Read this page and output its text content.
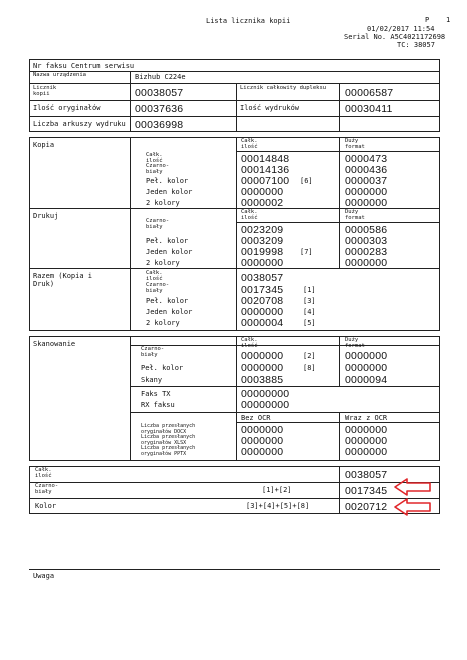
Lista licznika kopii	P 1
01/02/2017 11:54
Serial No. A5C4021172698
TC: 38057
Nr faksu Centrum serwisu
Nazwa urządzenia	Bizhub C224e
Licznik kopii	00038057	Licznik całkowity dupleksu	00006587
Ilość oryginałów	00037636	Ilość wydruków	00030411
Liczba arkuszy wydruku 00036998
Kopia	Całk. ilość
Duży format
Całk. ilość	00014848	0000473
Czarno-biały	00014136	0000436
Peł. kolor	00007100 [6]	0000037
Jeden kolor	0000000	0000000
2 kolory	0000002	0000000
Drukuj	Całk. ilość
Duży format
Czarno-biały	0023209	0000586
Peł. kolor	0003209	0000303
Jeden kolor	0019998 [7]	0000283
2 kolory	0000000	0000000
Razem (Kopia i Druk)
Całk. ilość	0038057
Czarno-biały	0017345	[1]
Peł. kolor	0020708	[3]
Jeden kolor	0000000	[4]
2 kolory	0000004	[5]
Skanowanie	Całk. ilość
Duży format
Czarno-biały	0000000	[2]	0000000
Peł. kolor	0000000	[8]	0000000
Skany	0003885	0000094
Faks TX	00000000
RX faksu	00000000
Bez OCR	Wraz z OCR
Liczba przesłanych oryginałów DOCX	0000000	0000000
Liczba przesłanych oryginałów XLSX	0000000	0000000
Liczba przesłanych oryginałów PPTX	0000000	0000000
Całk. ilość	0038057
Czarno-biały	[1]+[2]	0017345
Kolor	[3]+[4]+[5]+[8]	0020712
Uwaga
